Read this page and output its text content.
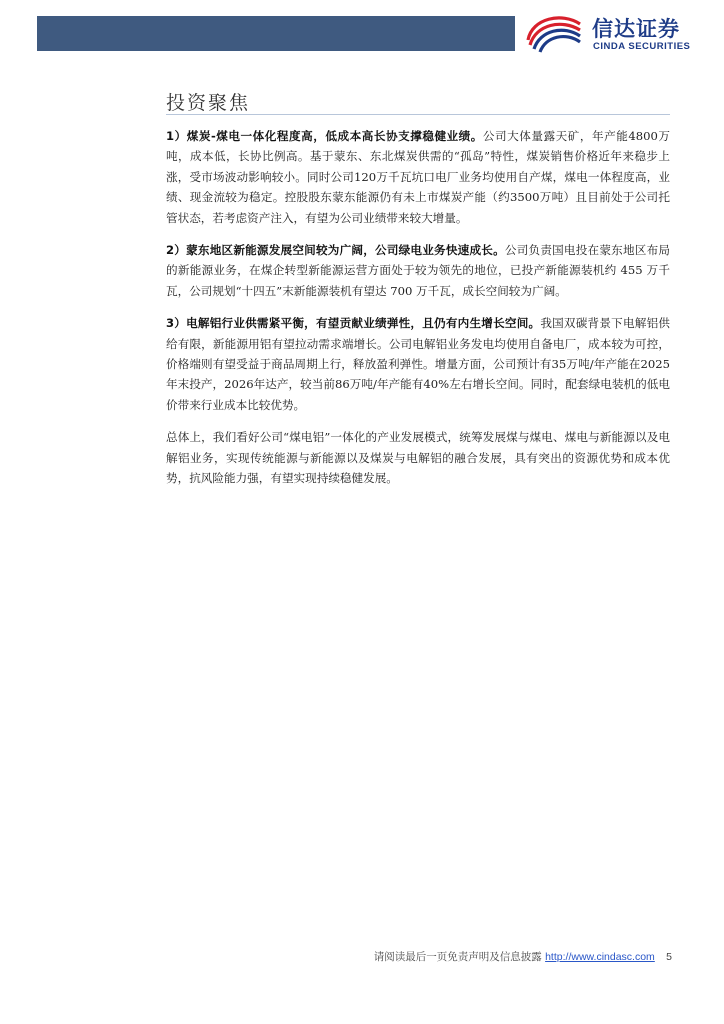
信达证券
CINDA SECURITIES
投资聚焦

1）煤炭-煤电一体化程度高，低成本高长协支撑稳健业绩。公司大体量露天矿，年产能4800万吨，成本低，长协比例高。基于蒙东、东北煤炭供需的“孤岛”特性，煤炭销售价格近年来稳步上涨，受市场波动影响较小。同时公司120万千瓦坑口电厂业务均使用自产煤，煤电一体程度高，业绩、现金流较为稳定。控股股东蒙东能源仍有未上市煤炭产能（约3500万吨）且目前处于公司托管状态，若考虑资产注入，有望为公司业绩带来较大增量。

2）蒙东地区新能源发展空间较为广阔，公司绿电业务快速成长。公司负责国电投在蒙东地区布局的新能源业务，在煤企转型新能源运营方面处于较为领先的地位，已投产新能源装机约 455 万千瓦，公司规划“十四五”末新能源装机有望达 700 万千瓦，成长空间较为广阔。

3）电解铝行业供需紧平衡，有望贡献业绩弹性，且仍有内生增长空间。我国双碳背景下电解铝供给有限，新能源用铝有望拉动需求端增长。公司电解铝业务发电均使用自备电厂，成本较为可控，价格端则有望受益于商品周期上行，释放盈利弹性。增量方面，公司预计有35万吨/年产能在2025年末投产，2026年达产，较当前86万吨/年产能有40%左右增长空间。同时，配套绿电装机的低电价带来行业成本比较优势。

总体上，我们看好公司“煤电铝”一体化的产业发展模式，统筹发展煤与煤电、煤电与新能源以及电解铝业务，实现传统能源与新能源以及煤炭与电解铝的融合发展，具有突出的资源优势和成本优势，抗风险能力强，有望实现持续稳健发展。

请阅读最后一页免责声明及信息披露 http://www.cindasc.com 5
